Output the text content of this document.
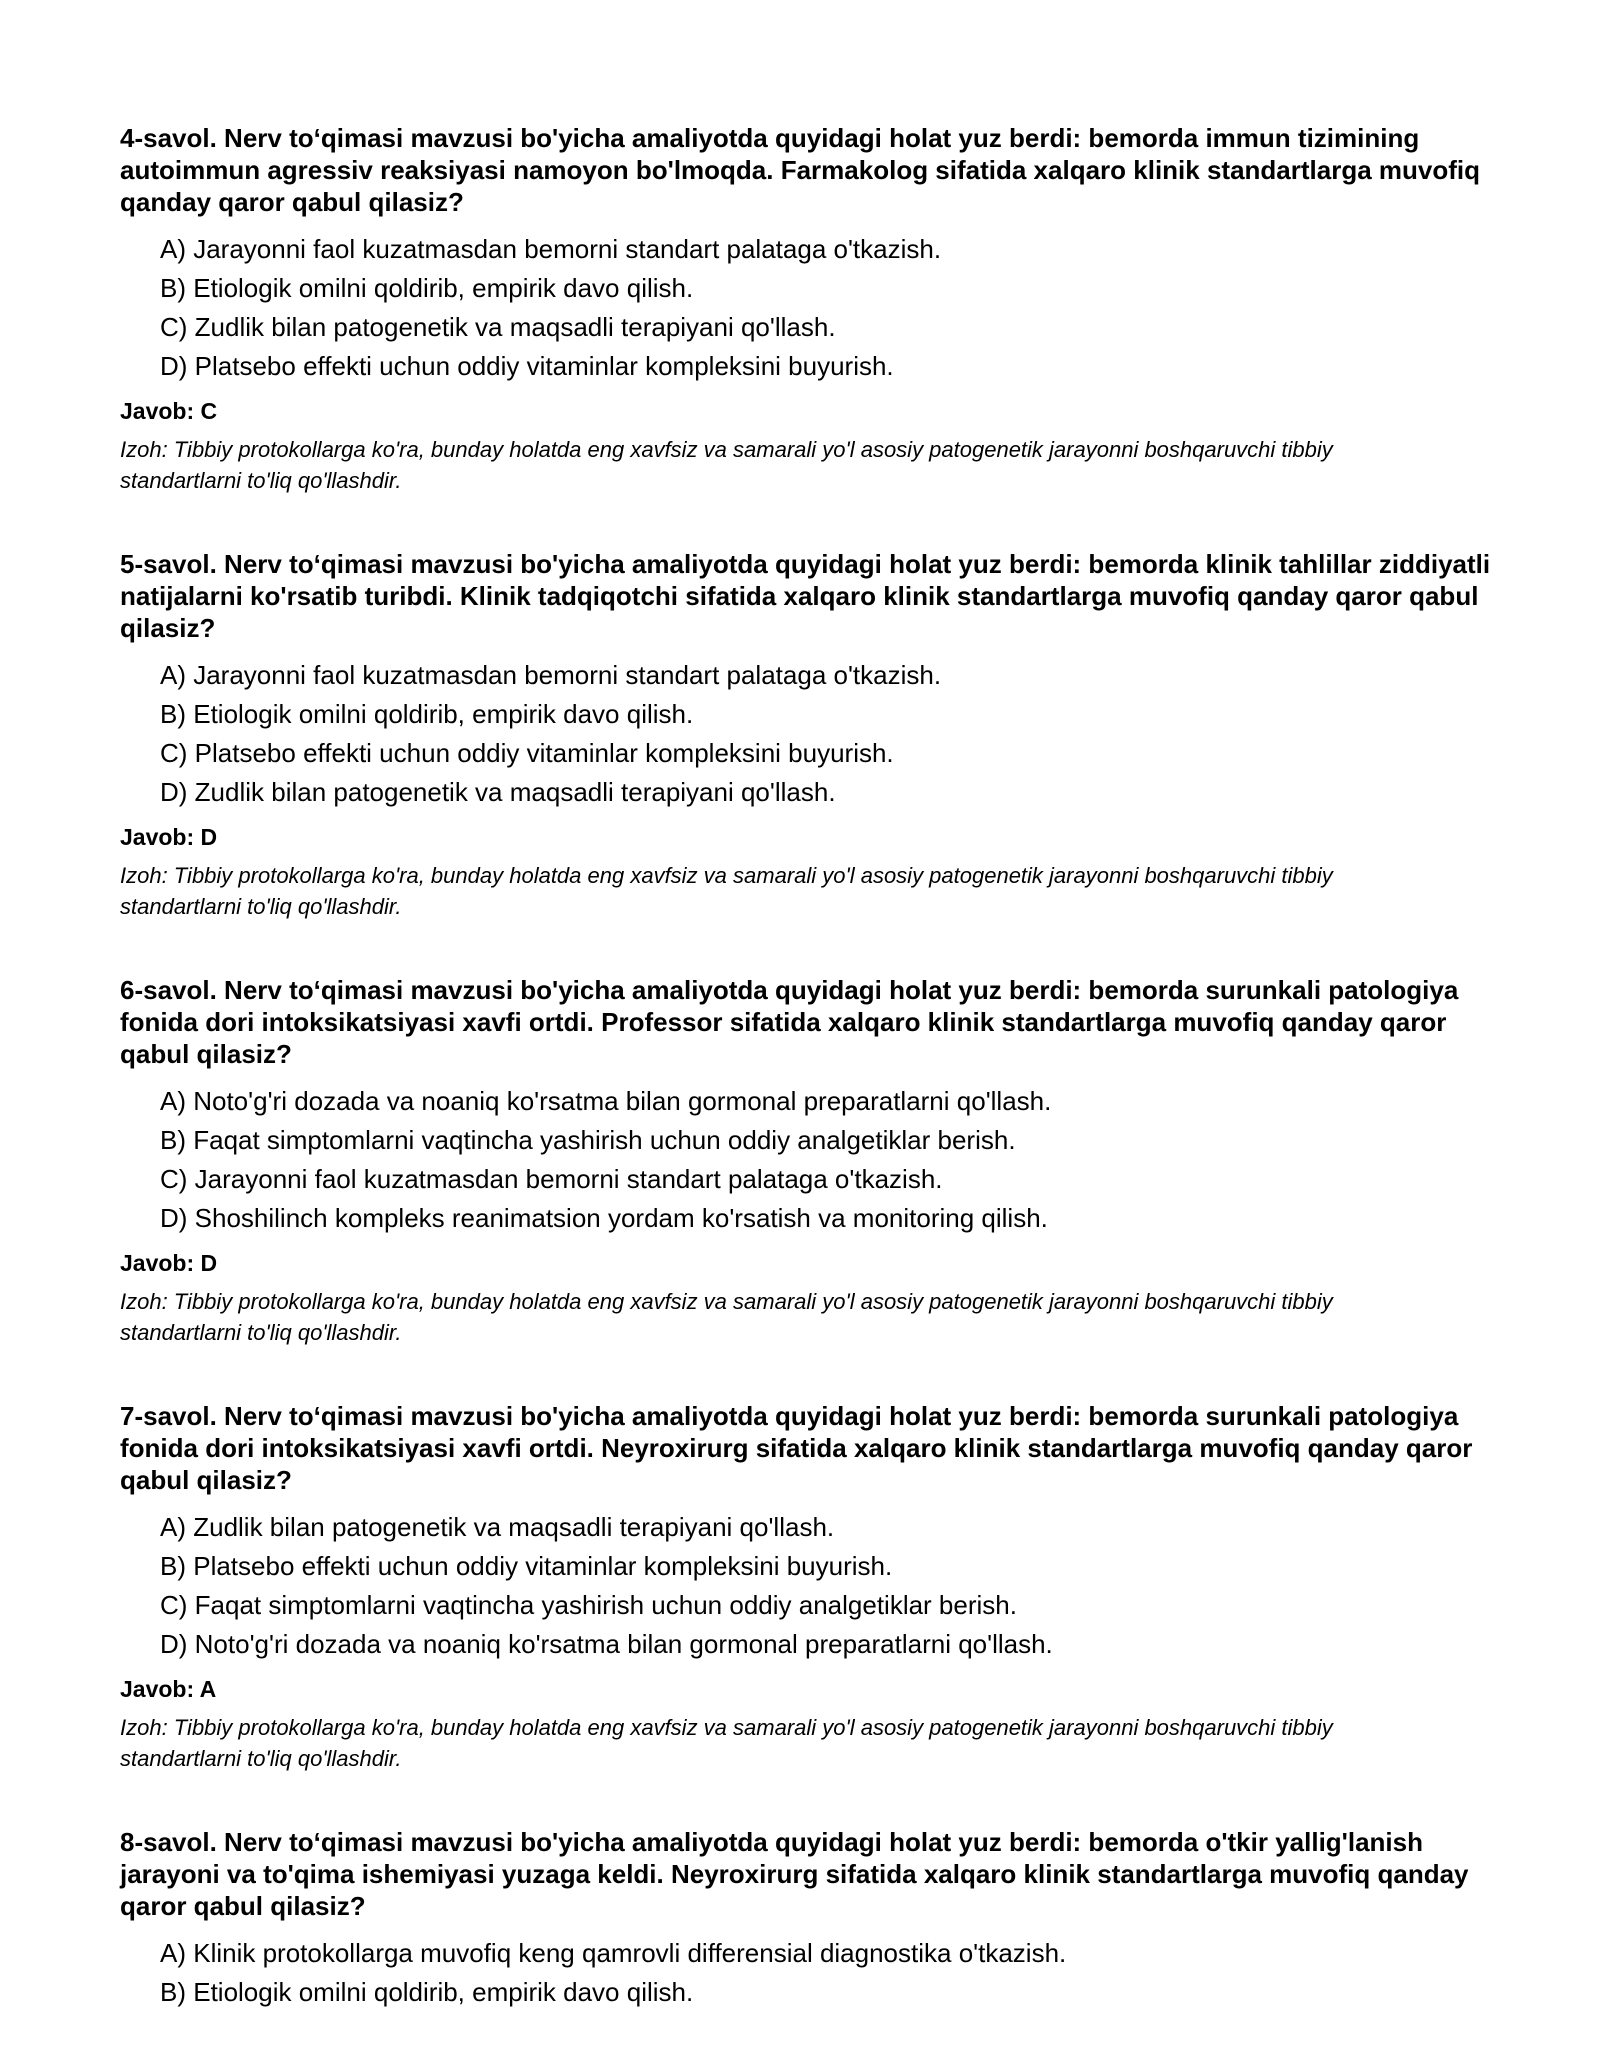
4-savol. Nerv to‘qimasi mavzusi bo'yicha amaliyotda quyidagi holat yuz berdi: bemorda immun tizimining autoimmun agressiv reaksiyasi namoyon bo'lmoqda. Farmakolog sifatida xalqaro klinik standartlarga muvofiq qanday qaror qabul qilasiz?
A) Jarayonni faol kuzatmasdan bemorni standart palataga o'tkazish.
B) Etiologik omilni qoldirib, empirik davo qilish.
C) Zudlik bilan patogenetik va maqsadli terapiyani qo'llash.
D) Platsebo effekti uchun oddiy vitaminlar kompleksini buyurish.
Javob: C
Izoh: Tibbiy protokollarga ko'ra, bunday holatda eng xavfsiz va samarali yo'l asosiy patogenetik jarayonni boshqaruvchi tibbiy standartlarni to'liq qo'llashdir.
5-savol. Nerv to‘qimasi mavzusi bo'yicha amaliyotda quyidagi holat yuz berdi: bemorda klinik tahlillar ziddiyatli natijalarni ko'rsatib turibdi. Klinik tadqiqotchi sifatida xalqaro klinik standartlarga muvofiq qanday qaror qabul qilasiz?
A) Jarayonni faol kuzatmasdan bemorni standart palataga o'tkazish.
B) Etiologik omilni qoldirib, empirik davo qilish.
C) Platsebo effekti uchun oddiy vitaminlar kompleksini buyurish.
D) Zudlik bilan patogenetik va maqsadli terapiyani qo'llash.
Javob: D
Izoh: Tibbiy protokollarga ko'ra, bunday holatda eng xavfsiz va samarali yo'l asosiy patogenetik jarayonni boshqaruvchi tibbiy standartlarni to'liq qo'llashdir.
6-savol. Nerv to‘qimasi mavzusi bo'yicha amaliyotda quyidagi holat yuz berdi: bemorda surunkali patologiya fonida dori intoksikatsiyasi xavfi ortdi. Professor sifatida xalqaro klinik standartlarga muvofiq qanday qaror qabul qilasiz?
A) Noto'g'ri dozada va noaniq ko'rsatma bilan gormonal preparatlarni qo'llash.
B) Faqat simptomlarni vaqtincha yashirish uchun oddiy analgetiklar berish.
C) Jarayonni faol kuzatmasdan bemorni standart palataga o'tkazish.
D) Shoshilinch kompleks reanimatsion yordam ko'rsatish va monitoring qilish.
Javob: D
Izoh: Tibbiy protokollarga ko'ra, bunday holatda eng xavfsiz va samarali yo'l asosiy patogenetik jarayonni boshqaruvchi tibbiy standartlarni to'liq qo'llashdir.
7-savol. Nerv to‘qimasi mavzusi bo'yicha amaliyotda quyidagi holat yuz berdi: bemorda surunkali patologiya fonida dori intoksikatsiyasi xavfi ortdi. Neyroxirurg sifatida xalqaro klinik standartlarga muvofiq qanday qaror qabul qilasiz?
A) Zudlik bilan patogenetik va maqsadli terapiyani qo'llash.
B) Platsebo effekti uchun oddiy vitaminlar kompleksini buyurish.
C) Faqat simptomlarni vaqtincha yashirish uchun oddiy analgetiklar berish.
D) Noto'g'ri dozada va noaniq ko'rsatma bilan gormonal preparatlarni qo'llash.
Javob: A
Izoh: Tibbiy protokollarga ko'ra, bunday holatda eng xavfsiz va samarali yo'l asosiy patogenetik jarayonni boshqaruvchi tibbiy standartlarni to'liq qo'llashdir.
8-savol. Nerv to‘qimasi mavzusi bo'yicha amaliyotda quyidagi holat yuz berdi: bemorda o'tkir yallig'lanish jarayoni va to'qima ishemiyasi yuzaga keldi. Neyroxirurg sifatida xalqaro klinik standartlarga muvofiq qanday qaror qabul qilasiz?
A) Klinik protokollarga muvofiq keng qamrovli differensial diagnostika o'tkazish.
B) Etiologik omilni qoldirib, empirik davo qilish.
